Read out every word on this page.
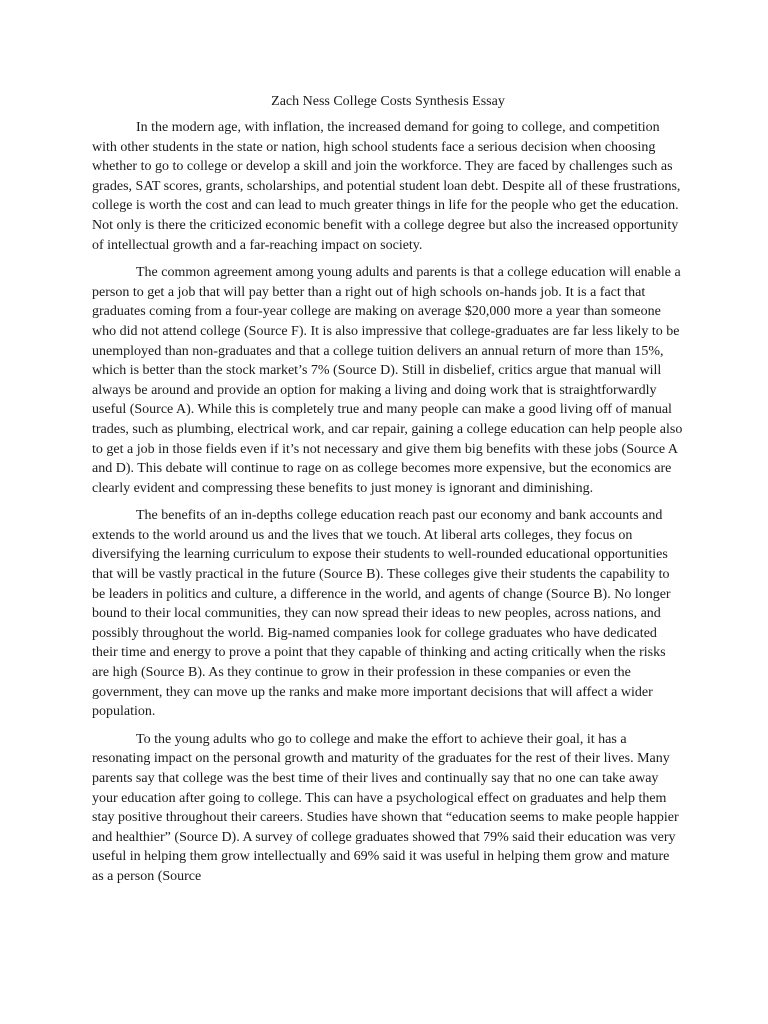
Zach Ness College Costs Synthesis Essay

In the modern age, with inflation, the increased demand for going to college, and competition with other students in the state or nation, high school students face a serious decision when choosing whether to go to college or develop a skill and join the workforce. They are faced by challenges such as grades, SAT scores, grants, scholarships, and potential student loan debt. Despite all of these frustrations, college is worth the cost and can lead to much greater things in life for the people who get the education. Not only is there the criticized economic benefit with a college degree but also the increased opportunity of intellectual growth and a far-reaching impact on society.

The common agreement among young adults and parents is that a college education will enable a person to get a job that will pay better than a right out of high schools on-hands job. It is a fact that graduates coming from a four-year college are making on average $20,000 more a year than someone who did not attend college (Source F). It is also impressive that college-graduates are far less likely to be unemployed than non-graduates and that a college tuition delivers an annual return of more than 15%, which is better than the stock market’s 7% (Source D). Still in disbelief, critics argue that manual will always be around and provide an option for making a living and doing work that is straightforwardly useful (Source A). While this is completely true and many people can make a good living off of manual trades, such as plumbing, electrical work, and car repair, gaining a college education can help people also to get a job in those fields even if it’s not necessary and give them big benefits with these jobs (Source A and D). This debate will continue to rage on as college becomes more expensive, but the economics are clearly evident and compressing these benefits to just money is ignorant and diminishing.

The benefits of an in-depths college education reach past our economy and bank accounts and extends to the world around us and the lives that we touch. At liberal arts colleges, they focus on diversifying the learning curriculum to expose their students to well-rounded educational opportunities that will be vastly practical in the future (Source B). These colleges give their students the capability to be leaders in politics and culture, a difference in the world, and agents of change (Source B). No longer bound to their local communities, they can now spread their ideas to new peoples, across nations, and possibly throughout the world. Big-named companies look for college graduates who have dedicated their time and energy to prove a point that they capable of thinking and acting critically when the risks are high (Source B). As they continue to grow in their profession in these companies or even the government, they can move up the ranks and make more important decisions that will affect a wider population.

To the young adults who go to college and make the effort to achieve their goal, it has a resonating impact on the personal growth and maturity of the graduates for the rest of their lives. Many parents say that college was the best time of their lives and continually say that no one can take away your education after going to college. This can have a psychological effect on graduates and help them stay positive throughout their careers. Studies have shown that “education seems to make people happier and healthier” (Source D). A survey of college graduates showed that 79% said their education was very useful in helping them grow intellectually and 69% said it was useful in helping them grow and mature as a person (Source
